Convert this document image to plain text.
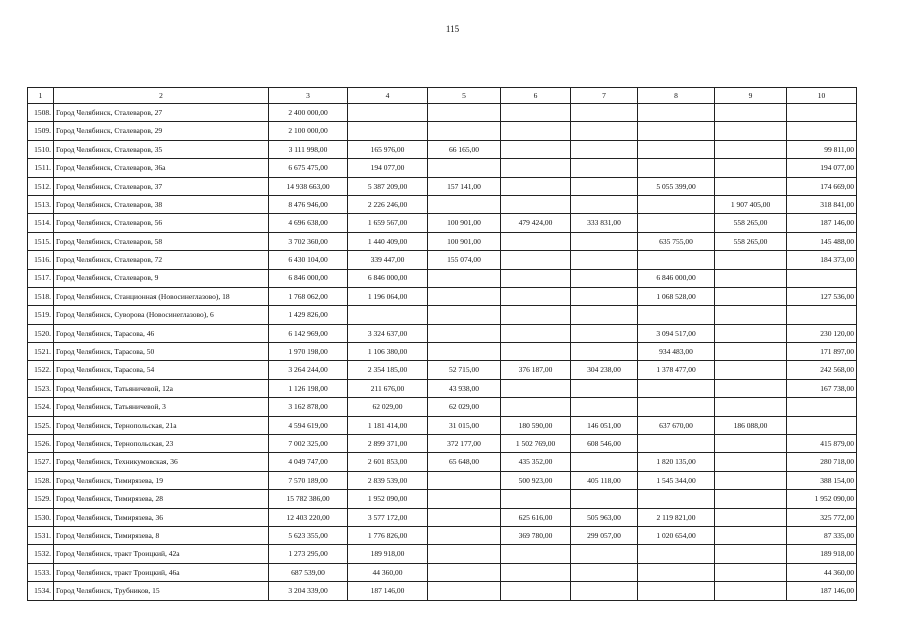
115
1	2	3	4	5	6	7	8	9	10
1508.	Город Челябинск, Сталеваров, 27	2 400 000,00							
1509.	Город Челябинск, Сталеваров, 29	2 100 000,00							
1510.	Город Челябинск, Сталеваров, 35	3 111 998,00	165 976,00	66 165,00					99 811,00
1511.	Город Челябинск, Сталеваров, 36а	6 675 475,00	194 077,00						194 077,00
1512.	Город Челябинск, Сталеваров, 37	14 938 663,00	5 387 209,00	157 141,00			5 055 399,00		174 669,00
1513.	Город Челябинск, Сталеваров, 38	8 476 946,00	2 226 246,00					1 907 405,00	318 841,00
1514.	Город Челябинск, Сталеваров, 56	4 696 638,00	1 659 567,00	100 901,00	479 424,00	333 831,00		558 265,00	187 146,00
1515.	Город Челябинск, Сталеваров, 58	3 702 360,00	1 440 409,00	100 901,00			635 755,00	558 265,00	145 488,00
1516.	Город Челябинск, Сталеваров, 72	6 430 104,00	339 447,00	155 074,00					184 373,00
1517.	Город Челябинск, Сталеваров, 9	6 846 000,00	6 846 000,00				6 846 000,00		
1518.	Город Челябинск, Станционная (Новосинеглазово), 18	1 768 062,00	1 196 064,00				1 068 528,00		127 536,00
1519.	Город Челябинск, Суворова (Новосинеглазово), 6	1 429 826,00							
1520.	Город Челябинск, Тарасова, 46	6 142 969,00	3 324 637,00				3 094 517,00		230 120,00
1521.	Город Челябинск, Тарасова, 50	1 970 198,00	1 106 380,00				934 483,00		171 897,00
1522.	Город Челябинск, Тарасова, 54	3 264 244,00	2 354 185,00	52 715,00	376 187,00	304 238,00	1 378 477,00		242 568,00
1523.	Город Челябинск, Татьяничевой, 12а	1 126 198,00	211 676,00	43 938,00					167 738,00
1524.	Город Челябинск, Татьяничевой, 3	3 162 878,00	62 029,00	62 029,00					
1525.	Город Челябинск, Тернопольская, 21а	4 594 619,00	1 181 414,00	31 015,00	180 590,00	146 051,00	637 670,00	186 088,00	
1526.	Город Челябинск, Тернопольская, 23	7 002 325,00	2 899 371,00	372 177,00	1 502 769,00	608 546,00			415 879,00
1527.	Город Челябинск, Техникумовская, 36	4 049 747,00	2 601 853,00	65 648,00	435 352,00		1 820 135,00		280 718,00
1528.	Город Челябинск, Тимирязева, 19	7 570 189,00	2 839 539,00		500 923,00	405 118,00	1 545 344,00		388 154,00
1529.	Город Челябинск, Тимирязева, 28	15 782 386,00	1 952 090,00						1 952 090,00
1530.	Город Челябинск, Тимирязева, 36	12 403 220,00	3 577 172,00		625 616,00	505 963,00	2 119 821,00		325 772,00
1531.	Город Челябинск, Тимирязева, 8	5 623 355,00	1 776 826,00		369 780,00	299 057,00	1 020 654,00		87 335,00
1532.	Город Челябинск, тракт Троицкий, 42а	1 273 295,00	189 918,00						189 918,00
1533.	Город Челябинск, тракт Троицкий, 46а	687 539,00	44 360,00						44 360,00
1534.	Город Челябинск, Трубников, 15	3 204 339,00	187 146,00						187 146,00
